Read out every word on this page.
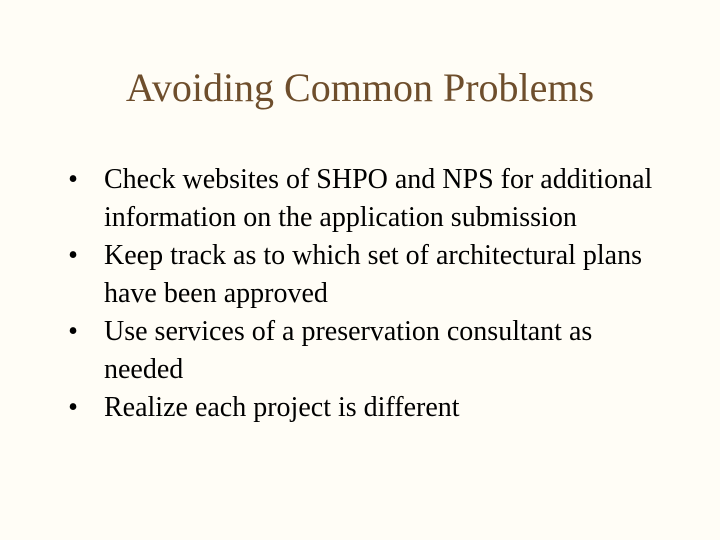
Avoiding Common Problems
• Check websites of SHPO and NPS for additional information on the application submission
• Keep track as to which set of architectural plans have been approved
• Use services of a preservation consultant as needed
• Realize each project is different
